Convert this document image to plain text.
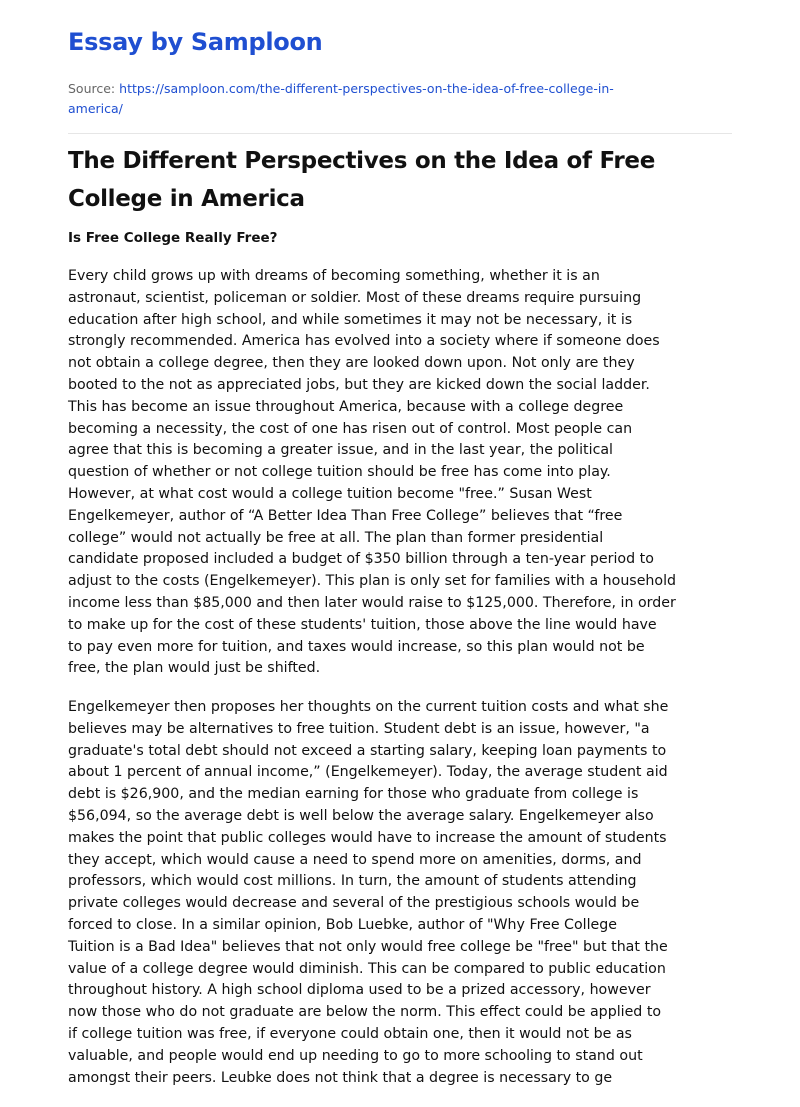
Essay by Samploon
Source: https://samploon.com/the-different-perspectives-on-the-idea-of-free-college-in-
america/
The Different Perspectives on the Idea of Free
College in America
Is Free College Really Free?
Every child grows up with dreams of becoming something, whether it is an
astronaut, scientist, policeman or soldier. Most of these dreams require pursuing
education after high school, and while sometimes it may not be necessary, it is
strongly recommended. America has evolved into a society where if someone does
not obtain a college degree, then they are looked down upon. Not only are they
booted to the not as appreciated jobs, but they are kicked down the social ladder.
This has become an issue throughout America, because with a college degree
becoming a necessity, the cost of one has risen out of control. Most people can
agree that this is becoming a greater issue, and in the last year, the political
question of whether or not college tuition should be free has come into play.
However, at what cost would a college tuition become "free.” Susan West
Engelkemeyer, author of “A Better Idea Than Free College” believes that “free
college” would not actually be free at all. The plan than former presidential
candidate proposed included a budget of $350 billion through a ten-year period to
adjust to the costs (Engelkemeyer). This plan is only set for families with a household
income less than $85,000 and then later would raise to $125,000. Therefore, in order
to make up for the cost of these students' tuition, those above the line would have
to pay even more for tuition, and taxes would increase, so this plan would not be
free, the plan would just be shifted.
Engelkemeyer then proposes her thoughts on the current tuition costs and what she
believes may be alternatives to free tuition. Student debt is an issue, however, "a
graduate's total debt should not exceed a starting salary, keeping loan payments to
about 1 percent of annual income,” (Engelkemeyer). Today, the average student aid
debt is $26,900, and the median earning for those who graduate from college is
$56,094, so the average debt is well below the average salary. Engelkemeyer also
makes the point that public colleges would have to increase the amount of students
they accept, which would cause a need to spend more on amenities, dorms, and
professors, which would cost millions. In turn, the amount of students attending
private colleges would decrease and several of the prestigious schools would be
forced to close. In a similar opinion, Bob Luebke, author of "Why Free College
Tuition is a Bad Idea" believes that not only would free college be "free" but that the
value of a college degree would diminish. This can be compared to public education
throughout history. A high school diploma used to be a prized accessory, however
now those who do not graduate are below the norm. This effect could be applied to
if college tuition was free, if everyone could obtain one, then it would not be as
valuable, and people would end up needing to go to more schooling to stand out
amongst their peers. Leubke does not think that a degree is necessary to ge
